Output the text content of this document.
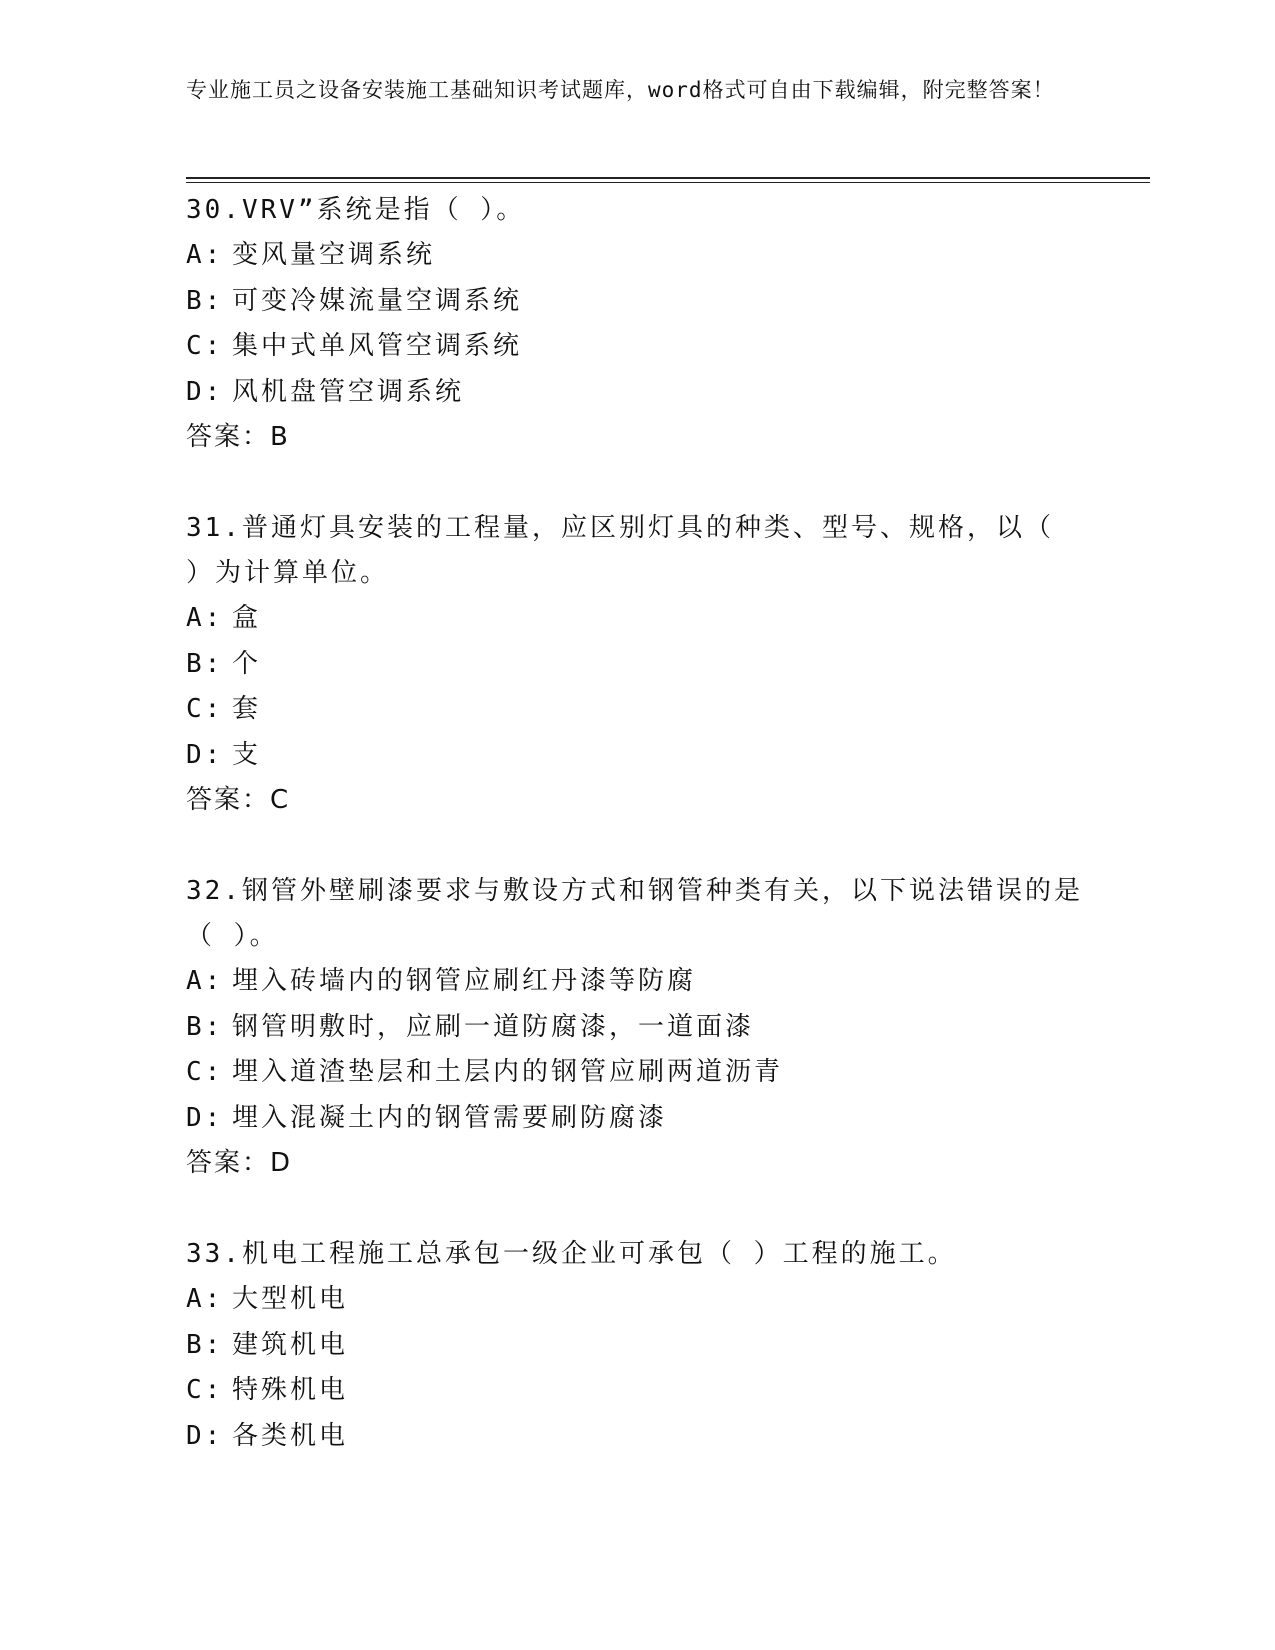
专业施工员之设备安装施工基础知识考试题库，word格式可自由下载编辑，附完整答案！
30.VRV”系统是指（ ）。
A: 变风量空调系统
B: 可变冷媒流量空调系统
C: 集中式单风管空调系统
D: 风机盘管空调系统
答案：B
31.普通灯具安装的工程量，应区别灯具的种类、型号、规格，以（ ）为计算单位。
A: 盒
B: 个
C: 套
D: 支
答案：C
32.钢管外壁刷漆要求与敷设方式和钢管种类有关，以下说法错误的是（ ）。
A: 埋入砖墙内的钢管应刷红丹漆等防腐
B: 钢管明敷时，应刷一道防腐漆，一道面漆
C: 埋入道渣垫层和土层内的钢管应刷两道沥青
D: 埋入混凝土内的钢管需要刷防腐漆
答案：D
33.机电工程施工总承包一级企业可承包（ ）工程的施工。
A: 大型机电
B: 建筑机电
C: 特殊机电
D: 各类机电
